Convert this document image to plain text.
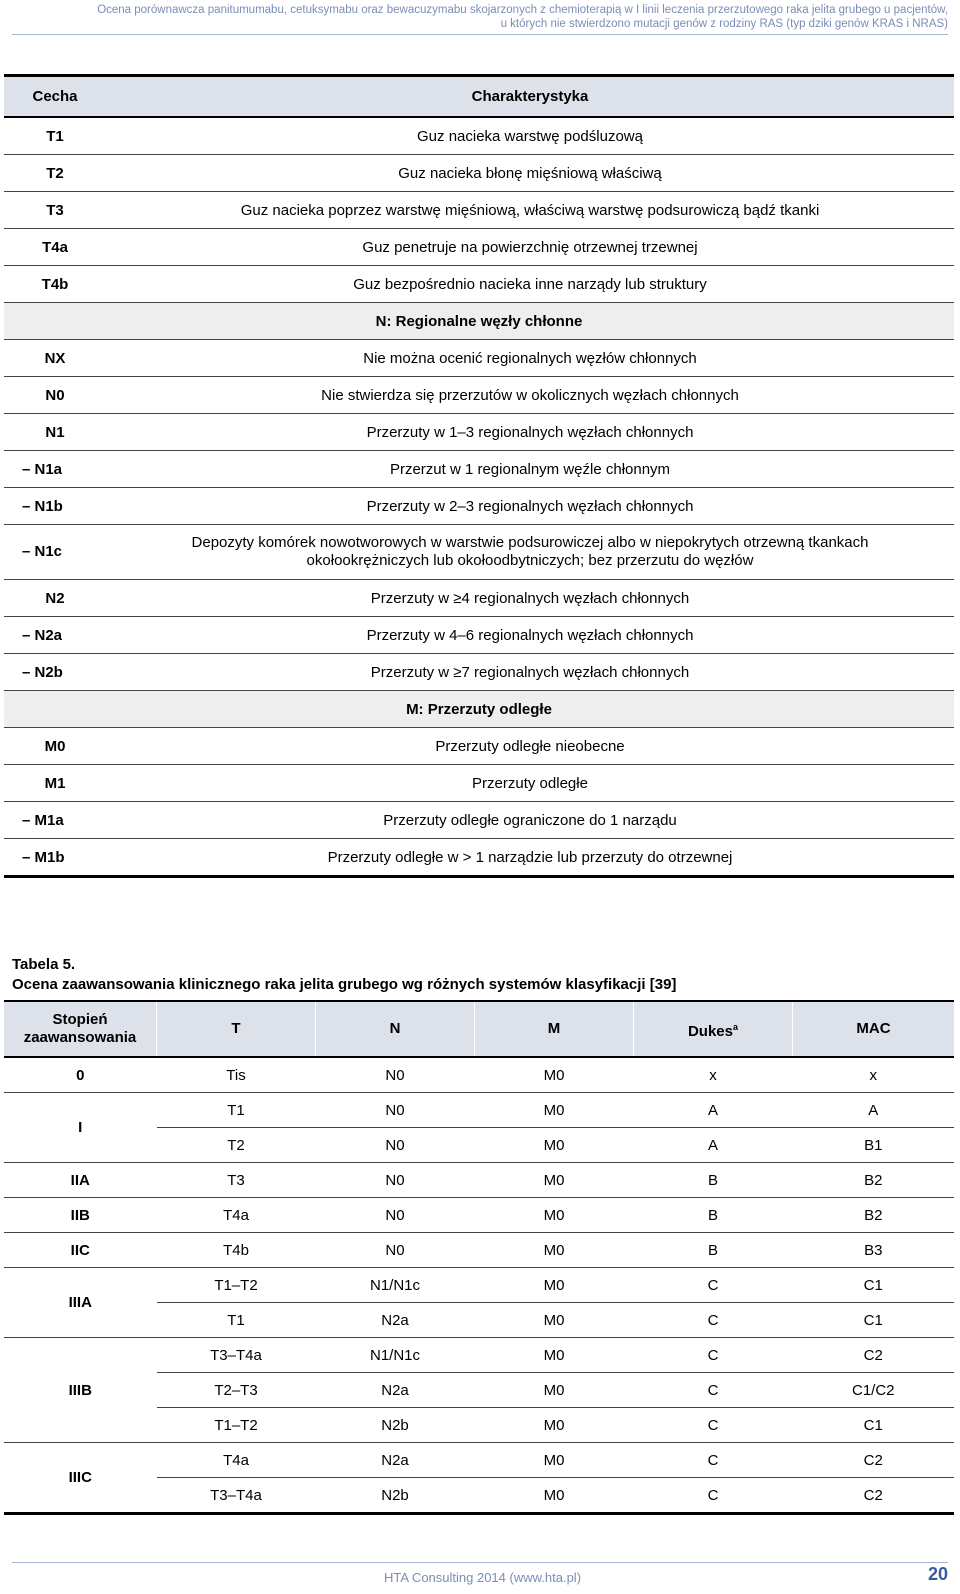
Ocena porównawcza panitumumabu, cetuksymabu oraz bewacuzymabu skojarzonych z chemioterapią w I linii leczenia przerzutowego raka jelita grubego u pacjentów,
u których nie stwierdzono mutacji genów z rodziny RAS (typ dziki genów KRAS i NRAS)
Cecha	Charakterystyka
T1	Guz nacieka warstwę podśluzową
T2	Guz nacieka błonę mięśniową właściwą
T3	Guz nacieka poprzez warstwę mięśniową, właściwą warstwę podsurowiczą bądź tkanki
T4a	Guz penetruje na powierzchnię otrzewnej trzewnej
T4b	Guz bezpośrednio nacieka inne narządy lub struktury
N: Regionalne węzły chłonne	
NX	Nie można ocenić regionalnych węzłów chłonnych
N0	Nie stwierdza się przerzutów w okolicznych węzłach chłonnych
N1	Przerzuty w 1–3 regionalnych węzłach chłonnych
– N1a	Przerzut w 1 regionalnym węźle chłonnym
– N1b	Przerzuty w 2–3 regionalnych węzłach chłonnych
– N1c	Depozyty komórek nowotworowych w warstwie podsurowiczej albo w niepokrytych otrzewną tkankach okołookrężniczych lub okołoodbytniczych; bez przerzutu do węzłów
N2	Przerzuty w ≥4 regionalnych węzłach chłonnych
– N2a	Przerzuty w 4–6 regionalnych węzłach chłonnych
– N2b	Przerzuty w ≥7 regionalnych węzłach chłonnych
M: Przerzuty odległe	
M0	Przerzuty odległe nieobecne
M1	Przerzuty odległe
– M1a	Przerzuty odległe ograniczone do 1 narządu
– M1b	Przerzuty odległe w > 1 narządzie lub przerzuty do otrzewnej
Tabela 5.
Ocena zaawansowania klinicznego raka jelita grubego wg różnych systemów klasyfikacji [39]
Stopień zaawansowania	T	N	M	Dukes$^a$	MAC
0	Tis	N0	M0	x	x
I	T1	N0	M0	A	A
	T2	N0	M0	A	B1
IIA	T3	N0	M0	B	B2
IIB	T4a	N0	M0	B	B2
IIC	T4b	N0	M0	B	B3
IIIA	T1–T2	N1/N1c	M0	C	C1
	T1	N2a	M0	C	C1
IIIB	T3–T4a	N1/N1c	M0	C	C2
	T2–T3	N2a	M0	C	C1/C2
	T1–T2	N2b	M0	C	C1
IIIC	T4a	N2a	M0	C	C2
	T3–T4a	N2b	M0	C	C2
HTA Consulting 2014 (www.hta.pl)	20
